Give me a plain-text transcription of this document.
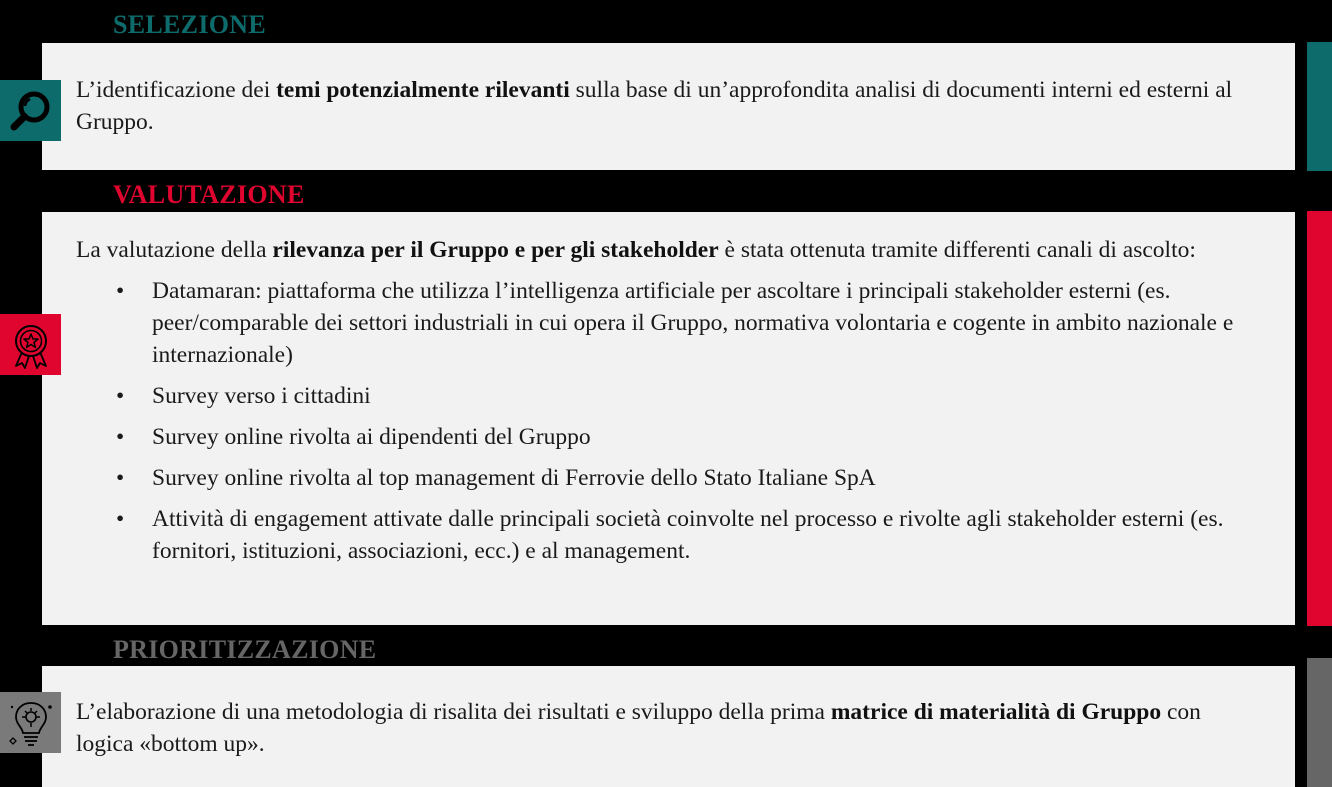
SELEZIONE

L’identificazione dei temi potenzialmente rilevanti sulla base di un’approfondita analisi di documenti interni ed esterni al Gruppo.

VALUTAZIONE

La valutazione della rilevanza per il Gruppo e per gli stakeholder è stata ottenuta tramite differenti canali di ascolto:

• Datamaran: piattaforma che utilizza l’intelligenza artificiale per ascoltare i principali stakeholder esterni (es. peer/comparable dei settori industriali in cui opera il Gruppo, normativa volontaria e cogente in ambito nazionale e internazionale)
• Survey verso i cittadini
• Survey online rivolta ai dipendenti del Gruppo
• Survey online rivolta al top management di Ferrovie dello Stato Italiane SpA
• Attività di engagement attivate dalle principali società coinvolte nel processo e rivolte agli stakeholder esterni (es. fornitori, istituzioni, associazioni, ecc.) e al management.
PRIORITIZZAZIONE

L’elaborazione di una metodologia di risalita dei risultati e sviluppo della prima matrice di materialità di Gruppo con logica «bottom up».
